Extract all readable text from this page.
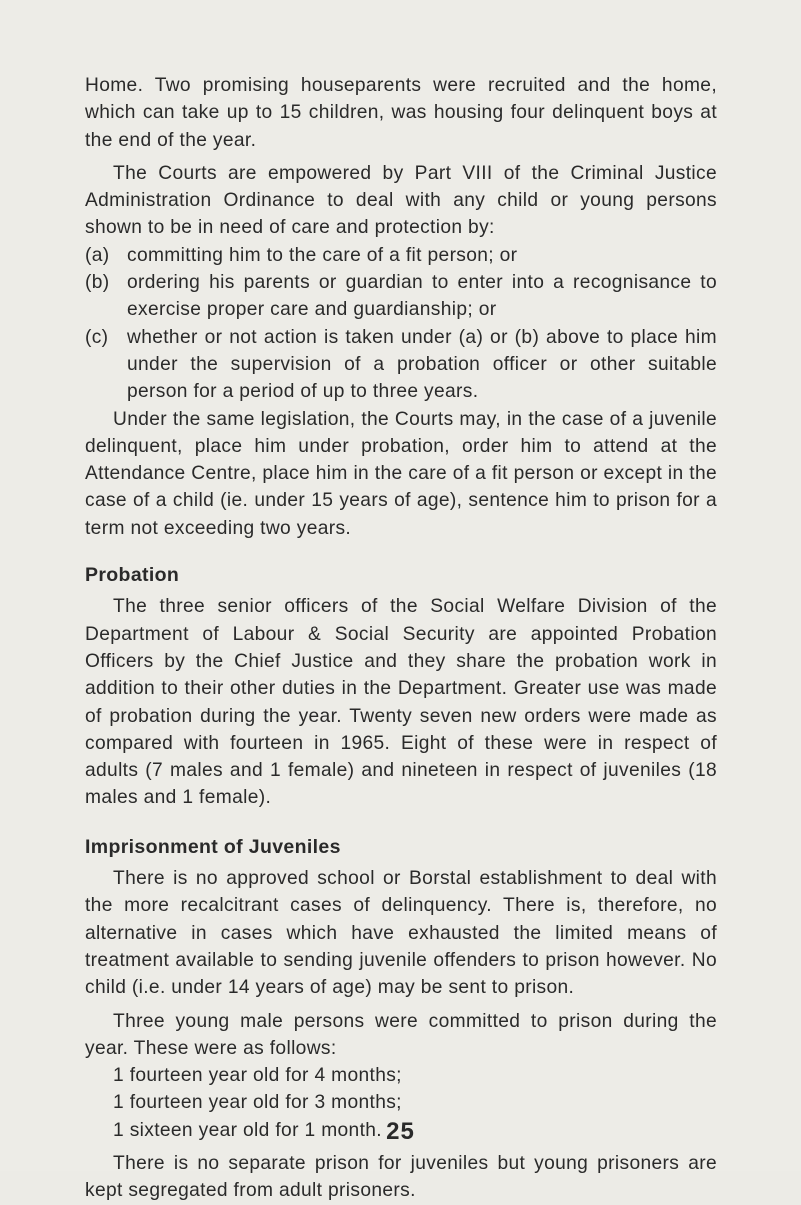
Home. Two promising houseparents were recruited and the home, which can take up to 15 children, was housing four delinquent boys at the end of the year.

The Courts are empowered by Part VIII of the Criminal Justice Administration Ordinance to deal with any child or young persons shown to be in need of care and protection by:

(a) committing him to the care of a fit person; or
(b) ordering his parents or guardian to enter into a recognisance to exercise proper care and guardianship; or
(c) whether or not action is taken under (a) or (b) above to place him under the supervision of a probation officer or other suitable person for a period of up to three years.

Under the same legislation, the Courts may, in the case of a juvenile delinquent, place him under probation, order him to attend at the Attendance Centre, place him in the care of a fit person or except in the case of a child (ie. under 15 years of age), sentence him to prison for a term not exceeding two years.

Probation

The three senior officers of the Social Welfare Division of the Department of Labour & Social Security are appointed Probation Officers by the Chief Justice and they share the probation work in addition to their other duties in the Department. Greater use was made of probation during the year. Twenty seven new orders were made as compared with fourteen in 1965. Eight of these were in respect of adults (7 males and 1 female) and nineteen in respect of juveniles (18 males and 1 female).

Imprisonment of Juveniles

There is no approved school or Borstal establishment to deal with the more recalcitrant cases of delinquency. There is, therefore, no alternative in cases which have exhausted the limited means of treatment available to sending juvenile offenders to prison however. No child (i.e. under 14 years of age) may be sent to prison.

Three young male persons were committed to prison during the year. These were as follows:

1 fourteen year old for 4 months;

1 fourteen year old for 3 months;

1 sixteen year old for 1 month.

There is no separate prison for juveniles but young prisoners are kept segregated from adult prisoners.

25
